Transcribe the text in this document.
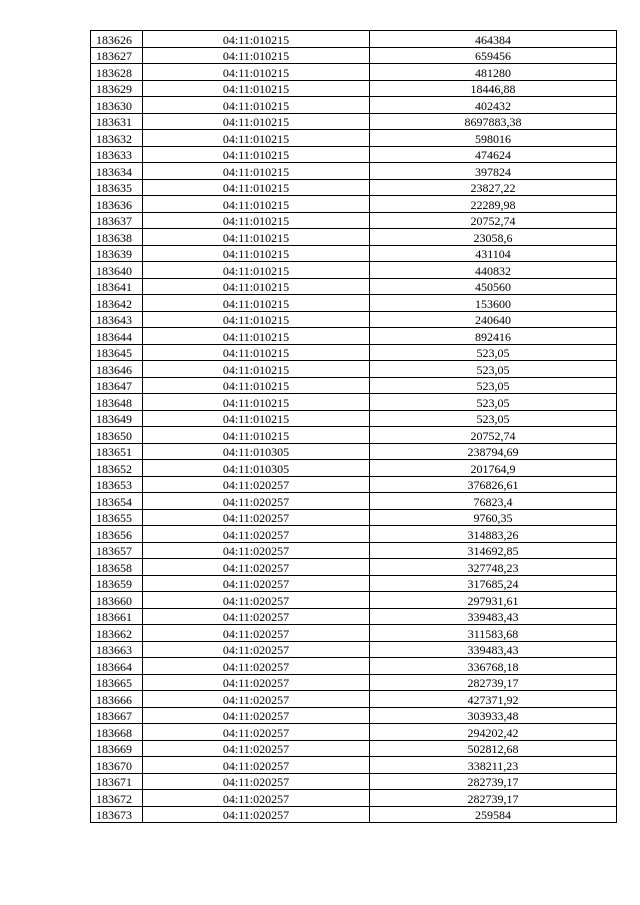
183626	04:11:010215	464384
183627	04:11:010215	659456
183628	04:11:010215	481280
183629	04:11:010215	18446,88
183630	04:11:010215	402432
183631	04:11:010215	8697883,38
183632	04:11:010215	598016
183633	04:11:010215	474624
183634	04:11:010215	397824
183635	04:11:010215	23827,22
183636	04:11:010215	22289,98
183637	04:11:010215	20752,74
183638	04:11:010215	23058,6
183639	04:11:010215	431104
183640	04:11:010215	440832
183641	04:11:010215	450560
183642	04:11:010215	153600
183643	04:11:010215	240640
183644	04:11:010215	892416
183645	04:11:010215	523,05
183646	04:11:010215	523,05
183647	04:11:010215	523,05
183648	04:11:010215	523,05
183649	04:11:010215	523,05
183650	04:11:010215	20752,74
183651	04:11:010305	238794,69
183652	04:11:010305	201764,9
183653	04:11:020257	376826,61
183654	04:11:020257	76823,4
183655	04:11:020257	9760,35
183656	04:11:020257	314883,26
183657	04:11:020257	314692,85
183658	04:11:020257	327748,23
183659	04:11:020257	317685,24
183660	04:11:020257	297931,61
183661	04:11:020257	339483,43
183662	04:11:020257	311583,68
183663	04:11:020257	339483,43
183664	04:11:020257	336768,18
183665	04:11:020257	282739,17
183666	04:11:020257	427371,92
183667	04:11:020257	303933,48
183668	04:11:020257	294202,42
183669	04:11:020257	502812,68
183670	04:11:020257	338211,23
183671	04:11:020257	282739,17
183672	04:11:020257	282739,17
183673	04:11:020257	259584
